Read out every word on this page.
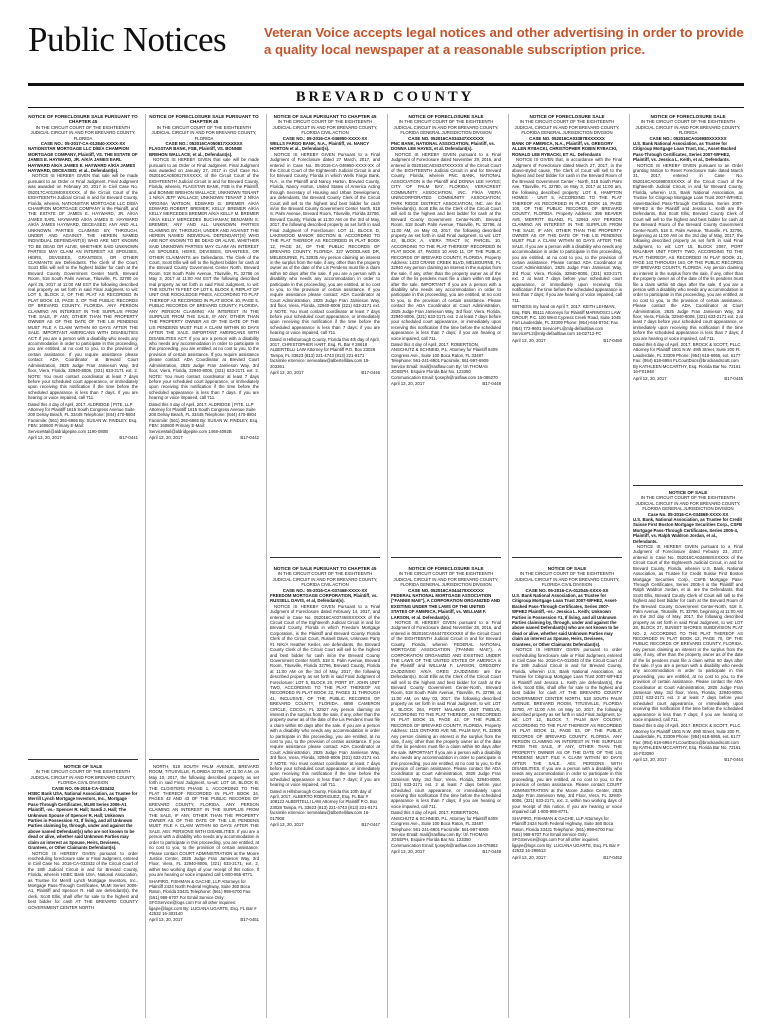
Public Notices	Veteran Voice accepts legal notices and other advertising in order to provide a quality local newspaper at a reasonable subscription price.
BREVARD COUNTY
NOTICE OF FORECLOSURE SALE PURSUANT TO CHAPTER 45
IN THE CIRCUIT COURT OF THE EIGHTEENTH JUDICIAL CIRCUIT IN AND FOR BREVARD COUNTY, FLORIDA
CASE NO.: 05-2017-CA-012840-XXXX-XX
NATIONSTAR MORTGAGE LLC D/B/A CHAMPION MORTGAGE COMPANY, Plaintiff, VS. THE ESTATE OF JAMES E. HAYWARD, JR. A/K/A JAMES EARL HAYWARD A/K/A JAMES E. HAYWARD A/K/A JAMES HAYWARD, DECEASED; et al., Defendant(s).

NOTICE IS HEREBY GIVEN that sale will be made pursuant to an Order or Final Judgment. Final Judgment was awarded on February 20, 2017 in Civil Case No. 052017CA012840XXXXXX, of the Circuit Court of the EIGHTEENTH Judicial Circuit in and for Brevard County, Florida, wherein, NATIONSTAR MORTGAGE LLC D/B/A CHAMPION MORTGAGE COMPANY is the Plaintiff, and THE ESTATE OF JAMES E. HAYWARD, JR. A/K/A JAMES EARL HAYWARD A/K/A JAMES E. HAYWARD A/K/A JAMES HAYWARD, DECEASED; ANY AND ALL UNKNOWN PARTIES CLAIMING BY, THROUGH, UNDER AND AGAINST THE HEREIN NAMED INDIVIDUAL DEFENDANT(S) WHO ARE NOT KNOWN TO BE DEAD OR ALIVE, WHETHER SAID UNKNOWN PARTIES MAY CLAIM AN INTEREST AS SPOUSES, HEIRS, DEVISEES, GRANTEES, OR OTHER CLAIMANTS are Defendants. The Clerk of the Court, Scott Ellis will sell to the highest bidder for cash at the Brevard County Government Center North, Brevard Room, 518 South Palm Avenue, Titusville, FL 32780 on April 26, 2017 at 11:00 AM EST the following described real property as set forth in said Final Judgment, to wit: LOT 5, BLOCK 2, OF THE PLAT AS RECORDED IN PLAT BOOK 10, PAGE 3, OF THE PUBLIC RECORDS OF BREVARD COUNTY, FLORIDA. ANY PERSON CLAIMING AN INTEREST IN THE SURPLUS FROM THE SALE, IF ANY, OTHER THAN THE PROPERTY OWNER AS OF THE DATE OF THE LIS PENDENS MUST FILE A CLAIM WITHIN 60 DAYS AFTER THE SALE. IMPORTANT AMERICANS WITH DISABILITIES ACT: If you are a person with a disability who needs any accommodation in order to participate in this proceeding, you are entitled, at no cost to you, to the provision of certain assistance. If you require assistance please contact: ADA Coordinator at Brevard Court Administration, 2825 Judge Fran Jamieson Way, 3rd floor, Viera, Florida, 32940-8006, (321) 633-2171 ext. 2. NOTE: You must contact coordinator at least 7 days before your scheduled court appearance, or immediately upon receiving this notification if the time before the scheduled appearance is less than 7 days. If you are hearing or voice impaired, call 711.

Dated this 4 day of April, 2017. ALDRIDGE | PITE, LLP Attorney for Plaintiff 1615 South Congress Avenue Suite 200 Delray Beach, FL 33445 Telephone: (844) 470-8804 Facsimile: (561) 392-6965 By: SUSAN W. FINDLEY, Esq. FBN: 160600 Primary E-Mail: ServiceMail@aldridgepite.com 1190-080B
April 13, 20, 2017	B17-0441
NOTICE OF SALE
IN THE CIRCUIT COURT OF THE EIGHTEENTH JUDICIAL CIRCUIT IN AND FOR BREVARD COUNTY, FLORIDA CIVIL DIVISION
CASE NO. 05-2016-CA-033432
HSBC Bank USA, National Association, as Trustee for Merrill Lynch Mortgage Investors, Inc., Mortgage Pass-Through Certificates, MLMI Series 2006-A1 Plaintiff, -vs.- Spencer R. Hall; Sandi J. Hall; The Unknown Spouse of Spencer R. Hall; Unknown Parties in Possession #1, If living, and all Unknown Parties claiming by, through, under and against the above named Defendant(s) who are not known to be dead or alive, whether said Unknown Parties may claim an interest as Spouse, Heirs, Devisees, Grantees, or Other Claimants Defendant(s).

NOTICE IS HEREBY GIVEN pursuant to order rescheduling foreclosure sale or Final Judgment, entered in Civil Case No. 2016-CA-033432 of the Circuit Court of the 18th Judicial Circuit in and for Brevard County, Florida, wherein HSBC Bank USA, National Association, as Trustee for Merrill Lynch Mortgage Investors, Inc., Mortgage Pass-Through Certificates, MLMI Series 2006-A1, Plaintiff and Spencer R. Hall are defendant(s), the clerk, Scott Ellis, shall offer for sale to the highest and best bidder for cash AT THE BREVARD COUNTY GOVERNMENT CENTER NORTH

NOTICE OF FORECLOSURE SALE PURSUANT TO CHAPTER 45
IN THE CIRCUIT COURT OF THE EIGHTEENTH JUDICIAL CIRCUIT IN AND FOR BREVARD COUNTY, FLORIDA
CASE NO.: 052016CA050817XXXXXX
FLAGSTAR BANK, FSB, Plaintiff, VS. BONNIE BREHON WALLACE; et al., Defendant(s).

NOTICE IS HEREBY GIVEN that sale will be made pursuant to an Order or Final Judgment. Final Judgment was awarded on January 27, 2017 in Civil Case No. 052016CA050817XXXXXX, of the Circuit Court of the EIGHTEENTH Judicial Circuit in and for Brevard County, Florida, wherein, FLAGSTAR BANK, FSB is the Plaintiff, and BONNIE BREHON WALLACE; UNKNOWN TENANT 1 N/K/A JEFF WALLACE; UNKNOWN TENANT 2 N/K/A VIRGINIA WATSON; EDWARD G. BREMER A/K/A EDWARD ROBERT BREMER; KELLY BREMER A/K/A KELLY MERCEDES BREMER A/K/A KELLY M. BREMER A/K/A KELLY MERCEDES BUCHANAN; BENJAMIN S. BREMER; ANY AND ALL UNKNOWN PARTIES CLAIMING BY, THROUGH, UNDER AND AGAINST THE HEREIN NAMED INDIVIDUAL DEFENDANT(S) WHO ARE NOT KNOWN TO BE DEAD OR ALIVE, WHETHER SAID UNKNOWN PARTIES MAY CLAIM AN INTEREST AS SPOUSES, HEIRS, DEVISEES, GRANTEES, OR OTHER CLAIMANTS are Defendants. The Clerk of the Court, Scott Ellis will sell to the highest bidder for cash at the Brevard County Government Center North, Brevard Room, 518 South Palm Avenue, Titusville, FL 32796 on May 3, 2017 at 11:00 AM EST the following described real property as set forth in said Final Judgment, to wit: THE SOUTH 75 FEET OF LOT 6, BLOCK 8, REPLAT OF UNIT ONE ROCKLEDGE PINES, ACCORDING TO PLAT THEREOF AS RECORDED IN PLAT BOOK 10, PAGE 5, PUBLIC RECORDS OF BREVARD COUNTY, FLORIDA. ANY PERSON CLAIMING AN INTEREST IN THE SURPLUS FROM THE SALE, IF ANY, OTHER THAN THE PROPERTY OWNER AS OF THE DATE OF THE LIS PENDENS MUST FILE A CLAIM WITHIN 60 DAYS AFTER THE SALE. IMPORTANT AMERICANS WITH DISABILITIES ACT: If you are a person with a disability who needs any accommodation in order to participate in this proceeding, you are entitled, at no cost to you, to the provision of certain assistance. If you require assistance please contact: ADA Coordinator at Brevard Court Administration, 2825 Judge Fran Jamieson Way, 3rd floor, Viera, Florida, 32940-8006, (321) 633-2171 ext. 2. NOTE: You must contact coordinator at least 7 days before your scheduled court appearance, or immediately upon receiving this notification if the time before the scheduled appearance is less than 7 days. If you are hearing or voice impaired, call 711.

Dated this 4 day of April, 2017. ALDRIDGE | PITE, LLP Attorney for Plaintiff 1615 South Congress Avenue Suite 200 Delray Beach, FL 33445 Telephone: (844) 470-8804 Facsimile: (561) 392-6965 By: SUSAN W. FINDLEY, Esq. FBN: 160600 Primary E-Mail: ServiceMail@aldridgepite.com 1468-4092B
April 13, 20, 2017	B17-0442

NORTH, 518 SOUTH PALM AVENUE, BREVARD ROOM, TITUSVILLE, FLORIDA 32780, AT 11:00 A.M. on May 10, 2017, the following described property as set forth in said Final Judgment, to-wit: LOT 18, BLOCK B, THE CLOISTERS PHASE 1, ACCORDING TO THE PLAT THEREOF RECORDED IN PLAT BOOK 34, PAGES 42 AND 43 OF THE PUBLIC RECORDS OF BREVARD COUNTY, FLORIDA. ANY PERSON CLAIMING AN INTEREST IN THE SURPLUS FROM THE SALE, IF ANY, OTHER THAN THE PROPERTY OWNER AS OF THE DATE OF THE LIS PENDENS MUST FILE A CLAIM WITHIN 60 DAYS AFTER THE SALE. Attn: PERSONS WITH DISABILITIES. If you are a person with a disability who needs any accommodation in order to participate in this proceeding, you are entitled, at no cost to you, to the provision of certain assistance. Please contact COURT ADMINISTRATION at the Moore Justice Center, 2825 Judge Fran Jamieson Way, 3rd Floor, Viera, FL 32940-8006, (321) 633-2171, ext. 2, within two working days of your receipt of this notice. If you are hearing or voice impaired call 1-800-955-8771.

SHAPIRO, FISHMAN & GACHE, LLP Attorneys for Plaintiff 2424 North Federal Highway, Suite 360 Boca Raton, Florida 33431 Telephone: (561) 998-6700 Fax: (561) 998-6707 For Email Service Only: SFGService@logs.com For all other inquiries: ligajre@logs.com By: LUCIANA UGARTE, Esq. FL Bar # 42532 16-303140
April 13, 20, 2017	B17-0451
NOTICE OF SALE PURSUANT TO CHAPTER 45
IN THE CIRCUIT COURT OF THE EIGHTEENTH JUDICIAL CIRCUIT IN AND FOR BREVARD COUNTY, FLORIDA CIVIL ACTION
CASE NO.: 05-2016-CA-046950-XXXX-XX
WELLS FARGO BANK, N.A., Plaintiff, vs. NANCY HORTON et al., Defendant(s).

NOTICE IS HEREBY GIVEN Pursuant to a Final Judgment of Foreclosure dated 27 March, 2017, and entered in Case No. 05-2016-CA-046950-XXXX-XX of the Circuit Court of the Eighteenth Judicial Circuit in and for Brevard County, Florida in which Wells Fargo Bank, N.A., is the Plaintiff and Nancy Horton, Brevard County, Florida, Nancy Horton, United States of America Acting through Secretary of Housing and Urban Development, are defendants, the Brevard County Clerk of the Circuit Court will sell to the highest and best bidder for cash in/on the Brevard County Government Center North, 518 S. Palm Avenue, Brevard Room, Titusville, Florida 32796, Brevard County, Florida at 11:00 AM on the 3rd of May, 2017, the following described property as set forth in said Final Judgment of Foreclosure: LOT 11, BLOCK D, LAKEWOOD MANOR SECTION B, ACCORDING TO THE PLAT THEREOF AS RECORDED IN PLAT BOOK 12, PAGE 34, OF THE PUBLIC RECORDS OF BREVARD COUNTY, FLORIDA. 327 WOODLAKE DR, MELBOURNE, FL 32935 Any person claiming an interest in the surplus from the sale, if any, other than the property owner as of the date of the Lis Pendens must file a claim within 60 days after the sale. If you are a person with a disability who needs any accommodation in order to participate in this proceeding, you are entitled, at no cost to you, to the provision of certain assistance. If you require assistance please contact: ADA Coordinator at Court Administration, 2825 Judge Fran Jamieson Way, 3rd floor, Viera, Florida, 32940-8006 (321) 633-2171 ext. 2 NOTE: You must contact coordinator at least 7 days before your scheduled court appearance, or immediately upon receiving this notification if the time before the scheduled appearance is less than 7 days; if you are hearing or voice impaired, call 711.

Dated in Hillsborough County, Florida this 4th day of April, 2017. CHRISTOPHER HART, Esq. FL Bar # 28618 ALBERTELLI LAW Attorney for Plaintiff P.O. Box 23028 Tampa, FL 33623 (813) 221-4743 (813) 221-9171 facsimile eService: servealaw@albertellilaw.com 15-203361
April 13, 20, 2017	B17-0446
NOTICE OF SALE PURSUANT TO CHAPTER 45
IN THE CIRCUIT COURT OF THE EIGHTEENTH JUDICIAL CIRCUIT IN AND FOR BREVARD COUNTY, FLORIDA CIVIL ACTION
CASE NO.: 05-2016-CA-037468-XXXX-XX
FREEDOM MORTGAGE CORPORATION, Plaintiff, vs. RUSSELL DAVIS, et al, Defendant(s).

NOTICE IS HEREBY GIVEN Pursuant to a Final Judgment of Foreclosure dated February 14, 2017, and entered in Case No. 052016CA037468XXXXXX of the Circuit Court of the Eighteenth Judicial Circuit in and for Brevard County, Florida in which Freedom Mortgage Corporation, is the Plaintiff and Brevard County Florida Clerk of the Circuit Court, Russell Davis, Unknown Party #1 N/K/A Heather Kesler, are defendants, the Brevard County Clerk of the Circuit Court will sell to the highest and best bidder for cash in/on the Brevard County Government Center North, 518 S. Palm Avenue, Brevard Room, Titusville, Florida 32796, Brevard County, Florida at 11:00 AM on the 3rd of May, 2017, the following described property as set forth in said Final Judgment of Foreclosure: LOT 5, BLOCK 20, PORT ST. JOHN UNIT TWO, ACCORDING TO THE PLAT THEREOF AS RECORDED IN PLAT BOOK 22, PAGES 31 THROUGH 41, INCLUSIVE, OF THE PUBLIC RECORDS OF BREVARD COUNTY, FLORIDA. 6890 CAMERON CIRCLE, COCOA, FL 32927 Any person claiming an interest in the surplus from the sale, if any, other than the property owner as of the date of the Lis Pendens must file a claim within 60 days after the sale. If you are a person with a disability who needs any accommodation in order to participate in this proceeding, you are entitled, at no cost to you, to the provision of certain assistance. If you require assistance please contact: ADA Coordinator at Court Administration, 2825 Judge Fran Jamieson Way, 3rd floor, Viera, Florida, 32940-8006 (321) 633-2171 ext. 2 NOTE: You must contact coordinator at least 7 days before your scheduled court appearance, or immediately upon receiving this notification if the time before the scheduled appearance is less than 7 days; if you are hearing or voice impaired, call 711.

Dated in Hillsborough County, Florida this 10th day of April, 2017. ALBERTO RODRIGUEZ, Esq. FL Bar # 108122 ALBERTELLI LAW Attorney for Plaintiff P.O. Box 23028 Tampa, FL 33623 (813) 221-4743 (813) 221-9171 facsimile eService: servealaw@albertellilaw.com 16-017908
April 13, 20, 2017	B17-0447
NOTICE OF FORECLOSURE SALE
IN THE CIRCUIT COURT OF THE EIGHTEENTH JUDICIAL CIRCUIT IN AND FOR BREVARD COUNTY, FLORIDA GENERAL JURISDICTION DIVISION
CASE NO. 052016CA034347XXXXXX
PNC BANK, NATIONAL ASSOCIATION, Plaintiff, vs. DONNA LEE HAYES, et al. Defendant(s).

NOTICE IS HEREBY GIVEN pursuant to a Final Judgment of Foreclosure dated November 29, 2016, and entered in 052016CA034347XXXXXX of the Circuit Court of the EIGHTEENTH Judicial Circuit in and for Brevard County, Florida, wherein PNC BANK, NATIONAL ASSOCIATION is the Plaintiff and DONNA LEE HAYES; CITY OF PALM BAY, FLORIDA; VERACREST COMMUNITY ASSOCIATION, INC. F/K/A VIERA UNINCORPORATED COMMUNITY ASSOCIATION; PARK RIDGE DISTRICT ASSOCIATION, INC. are the Defendant(s). Scott Ellis as the Clerk of the Circuit Court will sell to the highest and best bidder for cash at the Brevard County Government Center-North, Brevard Room, 518 South Palm Avenue, Titusville, FL 32796, at 11:00 AM, on May 03, 2017, the following described property as set forth in said Final Judgment, to wit: LOT 42, BLOCK A, VIERA TRACT IV, PARCEL 10, ACCORDING TO THE PLAT THEREOF RECORDED IN PLAT BOOK 47, PAGES 10 AND 11, OF THE PUBLIC RECORDS OF BREVARD COUNTY, FLORIDA. Property Address: 1433 CRANE CREEK BLVD, MELBOURNE, FL 32940 Any person claiming an interest in the surplus from the sale, if any, other than the property owner as of the date of the lis pendens must file a claim within 60 days after the sale. IMPORTANT If you are a person with a disability who needs any accommodation in order to participate in this proceeding, you are entitled, at no cost to you, to the provision of certain assistance. Please contact the ADA Coordinator at Court Administration, 2825 Judge Fran Jamieson Way, 3rd floor, Viera, Florida, 32940-8006, (321) 633-2171 ext. 2 at least 7 days before your scheduled court appearance, or immediately upon receiving this notification if the time before the scheduled appearance is less than 7 days; if you are hearing or voice impaired, call 711.

Dated this 4 day of April, 2017. ROBERTSON, ANSCHUTZ & SCHNEID, P.L. Attorney for Plaintiff 6409 Congress Ave., Suite 100 Boca Raton, FL 33487 Telephone: 561-241-6901 Facsimile: 561-997-6909 Service Email: mail@rasflaw.com By: \S\ THOMAS JOSEPH, Esquire Florida Bar No. 123350 Communication Email: tjoseph@rasflaw.com 16-085270
April 13, 20, 2017	B17-0448
NOTICE OF FORECLOSURE SALE
IN THE CIRCUIT COURT OF THE EIGHTEENTH JUDICIAL CIRCUIT IN AND FOR BREVARD COUNTY, FLORIDA GENERAL JURISDICTION DIVISION
CASE NO. 052016CA044470XXXXXX
FEDERAL NATIONAL MORTGAGE ASSOCIATION ("FANNIE MAE"), A CORPORATION ORGANIZED AND EXISTING UNDER THE LAWS OF THE UNITED STATES OF AMERICA, Plaintiff, vs. WILLIAM F. LARSON, et al. Defendant(s).

NOTICE IS HEREBY GIVEN pursuant to a Final Judgment of Foreclosure dated November 28, 2016, and entered in 052016CA044470XXXXXX of the Circuit Court of the EIGHTEENTH Judicial Circuit in and for Brevard County, Florida, wherein FEDERAL NATIONAL MORTGAGE ASSOCIATION ("FANNIE MAE"), A CORPORATION ORGANIZED AND EXISTING UNDER THE LAWS OF THE UNITED STATES OF AMERICA is the Plaintiff and WILLIAM F. LARSON; GREGORY ZAJDZINSKI A/K/A GREG ZAJDZINSKI are the Defendant(s). Scott Ellis as the Clerk of the Circuit Court will sell to the highest and best bidder for cash at the Brevard County Government Center-North, Brevard Room, 518 South Palm Avenue, Titusville, FL 32796, at 11:00 AM, on May 03, 2017, the following described property as set forth in said Final Judgment, to wit: LOT 8, BLOCK 264, PORT MALABAR UNIT TWELVE, ACCORDING TO THE PLAT THEREOF, AS RECORDED IN PLAT BOOK 15, PAGE 42, OF THE PUBLIC RECORDS OF BREVARD COUNTY, FLORIDA. Property Address: 1115 ONTARIO AVE NE, PALM BAY, FL 32905 Any person claiming an interest in the surplus from the sale, if any, other than the property owner as of the date of the lis pendens must file a claim within 60 days after the sale. IMPORTANT If you are a person with a disability who needs any accommodation in order to participate in this proceeding, you are entitled, at no cost to you, to the provision of certain assistance. Please contact the ADA Coordinator at Court Administration, 2825 Judge Fran Jamieson Way, 3rd floor, Viera, Florida, 32940-8006, (321) 633-2171 ext. 2 at least 7 days before your scheduled court appearance, or immediately upon receiving this notification if the time before the scheduled appearance is less than 7 days; if you are hearing or voice impaired, call 711.

Dated this 4 day of April, 2017. ROBERTSON, ANSCHUTZ & SCHNEID, P.L. Attorney for Plaintiff 6409 Congress Ave., Suite 100 Boca Raton, FL 33487 Telephone: 561-241-6901 Facsimile: 561-997-6909 Service Email: mail@rasflaw.com By: \S\ THOMAS JOSEPH, Esquire Florida Bar No. 123350 Communication Email: tjoseph@rasflaw.com 16-076962
April 13, 20, 2017	B17-0449
NOTICE OF FORECLOSURE SALE
IN THE CIRCUIT COURT OF THE EIGHTEENTH JUDICIAL CIRCUIT IN AND FOR BREVARD COUNTY, FLORIDA GENERAL JURISDICTION DIVISION
CASE NO. 052016CA033878XXXXXX
BANK OF AMERICA, N.A., Plaintiff, vs. GREGORY ALLEN RYBACKI, CHRISTOPHER ROBIN RYBACKI, RONALD LEE RYBACKI, ET AL. Defendants

NOTICE IS GIVEN that, in accordance with the Final Judgment of Foreclosure dated March 27, 2017, in the above-styled cause, The Clerk of Court will sell to the highest and best bidder for cash in the Brevard Room of the Brevard Government Center - North, 518 South Palm Ave, Titusville, FL 32780, on May 3, 2017 at 11:00 am, the following described property: LOT 6, HAMPTON HOMES - UNIT 5, ACCORDING TO THE PLAT THEREOF AS RECORDED IN PLAT BOOK 16, PAGE 100, OF THE PUBLIC RECORDS OF BREVARD COUNTY, FLORIDA. Property Address: 395 BEAVER AVE, MERRITT ISLAND, FL 32953 ANY PERSON CLAIMING AN INTEREST IN THE SURPLUS FROM THE SALE, IF ANY, OTHER THAN THE PROPERTY OWNER AS OF THE DATE OF THE LIS PENDENS MUST FILE A CLAIM WITHIN 60 DAYS AFTER THE SALE. If you are a person with a disability who needs any accommodation in order to participate in this proceeding, you are entitled, at no cost to you, to the provision of certain assistance. Please contact ADA Coordinator at Court Administration, 2825 Judge Fran Jamieson Way, 3rd Floor, Viera, Florida, 32940-8006, (321) 633-2171 ext. 2 at least 7 days before your scheduled court appearance, or immediately upon receiving this notification if the time before the scheduled appearance is less than 7 days; if you are hearing or voice impaired, call 711.

WITNESS my hand on April 7, 2017. KEITH LEHMAN, Esq. FBN. 85111 Attorneys for Plaintiff MARINOSCI LAW GROUP, P.C. 100 West Cypress Creek Road, Suite 1045 Fort Lauderdale, FL 33309 Phone: (954)-644-8704; Fax (954) 772-9601 ServiceFL@mlg-defaultlaw.com ServiceFL2@mlg-defaultlaw.com 16-02712-FC
April 13, 20, 2017	B17-0450
NOTICE OF SALE
IN THE CIRCUIT COURT OF THE EIGHTEENTH JUDICIAL CIRCUIT IN AND FOR BREVARD COUNTY, FLORIDA CIVIL DIVISION
CASE NO. 05-2016-CA-012045-XXXX-XX
U.S. Bank National Association, as Trustee for Citigroup Mortgage Loan Trust 2007-WFHE2, Asset-Backed Pass-Through Certificates, Series 2007-WFHE2 Plaintiff, -vs.- Jessica L. Keith; Unknown Parties in Possession #1, If living, and all Unknown Parties claiming by, through, under and against the above named Defendant(s) who are not known to be dead or alive, whether said Unknown Parties may claim an interest as Spouse, Heirs, Devisees, Grantees, or Other Claimants Defendant(s).

NOTICE IS HEREBY GIVEN pursuant to order rescheduling foreclosure sale or Final Judgment, entered in Civil Case No. 2016-CA-012045 of the Circuit Court of the 18th Judicial Circuit in and for Brevard County, Florida, wherein U.S. Bank National Association, as Trustee for Citigroup Mortgage Loan Trust 2007-WFHE2 is Plaintiff and Jessica L. Keith are defendant(s), the clerk, Scott Ellis, shall offer for sale to the highest and best bidder for cash AT THE BREVARD COUNTY GOVERNMENT CENTER NORTH, 518 SOUTH PALM AVENUE, BREVARD ROOM, TITUSVILLE, FLORIDA 32780, AT 11:00 A.M. on May 10, 2017, the following described property as set forth in said Final Judgment, to-wit: LOT 12, BLOCK 7, PALM BAY COLONY, ACCORDING TO THE PLAT THEREOF AS RECORDED IN PLAT BOOK 11, PAGE 53, OF THE PUBLIC RECORDS OF BREVARD COUNTY, FLORIDA. ANY PERSON CLAIMING AN INTEREST IN THE SURPLUS FROM THE SALE, IF ANY, OTHER THAN THE PROPERTY OWNER AS OF THE DATE OF THE LIS PENDENS MUST FILE A CLAIM WITHIN 60 DAYS AFTER THE SALE. Attn: PERSONS WITH DISABILITIES. If you are a person with a disability who needs any accommodation in order to participate in this proceeding, you are entitled, at no cost to you, to the provision of certain assistance. Please contact COURT ADMINISTRATION at the Moore Justice Center, 2825 Judge Fran Jamieson Way, 3rd Floor, Viera, FL 32940-8006, (321) 633-2171, ext. 2, within two working days of your receipt of this notice. If you are hearing or voice impaired call 1-800-955-8771.

SHAPIRO, FISHMAN & GACHE, LLP Attorneys for Plaintiff 2424 North Federal Highway, Suite 360 Boca Raton, Florida 33431 Telephone: (561) 998-6700 Fax: (561) 998-6707 For Email Service Only: SFGService@logs.com For all other inquiries: ligajre@logs.com By: LUCIANA UGARTE, Esq. FL Bar # 42532 16-298613
April 13, 20, 2017	B17-0452
NOTICE OF FORECLOSURE SALE
IN THE CIRCUIT COURT OF THE EIGHTEENTH JUDICIAL CIRCUIT IN AND FOR BREVARD COUNTY, FLORIDA
CASE NO.: 052016CA016980XXXXXX
U.S. Bank National Association, as Trustee for Citigroup Mortgage Loan Trust, Inc., Asset-Backed Pass-Through Certificates, Series 2007-WFHE2, Plaintiff, vs. Jessica L. Keith, et al., Defendants.

NOTICE IS HEREBY GIVEN pursuant to an Order granting Motion to Reset Foreclosure Sale dated March 31, 2017, entered in Case No. 052016CA016980XXXXXX of the Circuit Court of the Eighteenth Judicial Circuit, in and for Brevard County, Florida, wherein U.S. Bank National Association, as Trustee for Citigroup Mortgage Loan Trust 2007-WFHE2, Asset-Backed Pass-Through Certificates, Series 2007-WFHE2 is the Plaintiff and Jessica L. Keith are the Defendants, that Scott Ellis, Brevard County Clerk of Court will sell to the highest and best bidder for cash at the Brevard Room of the Brevard County Government Center-North, 518 S. Palm Avenue, Titusville, FL 32796, beginning at 11:00 AM on the 3rd day of May, 2017, the following described property as set forth in said Final Judgment, to wit: LOT 15, BLOCK 2067, PORT MALABAR UNIT FORTY TWO, ACCORDING TO THE PLAT THEREOF, AS RECORDED IN PLAT BOOK 21, PAGE 143 THROUGH 163, OF THE PUBLIC RECORDS OF BREVARD COUNTY, FLORIDA. Any person claiming an interest in the surplus from the sale, if any, other than the property owner as of the date of the lis pendens must file a claim within 60 days after the sale. If you are a person with a disability who needs any accommodation in order to participate in this proceeding, you are entitled, at no cost to you, to the provision of certain assistance. Please contact the ADA Coordinator at Court Administration, 2825 Judge Fran Jamieson Way, 3rd floor, Viera, Florida, 32940-8006, (321) 633-2171 ext. 2 at least 7 days before your scheduled court appearance, or immediately upon receiving this notification if the time before the scheduled appearance is less than 7 days; if you are hearing or voice impaired, call 711.

Dated this 6 day of April, 2017. BROCK & SCOTT, PLLC Attorney for Plaintiff 1501 N.W. 49th Street, Suite 200 Ft. Lauderdale, FL 33309 Phone: (954) 618-6955, ext. 6177 Fax: (954) 618-6954 FLCourtDocs@brockandscott.com By KATHLEEN MCCARTHY, Esq. Florida Bar No. 72161 16-F01948
April 13, 20, 2017	B17-0445
NOTICE OF SALE
IN THE CIRCUIT COURT OF THE EIGHTEENTH JUDICIAL CIRCUIT IN AND FOR BREVARD COUNTY, FLORIDA GENERAL JURISDICTION DIVISION
Case No. 05-2016-CA-034868-XXXX-XX
U.S. Bank, National Association, as Trustee for Credit Suisse First Boston Mortgage Securities Corp., CSFB Mortgage Pass-Through Certificates, Series 2005-4, Plaintiff, vs. Ralph Waldron Jordan, et al., Defendants.

NOTICE IS HEREBY GIVEN pursuant to a Final Judgment of Foreclosure dated Febuary 23, 2017, entered in Case No. 052016CA034868XXXXXX of the Circuit Court of the Eighteenth Judicial Circuit, in and for Brevard County, Florida, wherein U.S. Bank, National Association, as Trustee for Credit Suisse First Boston Mortgage Securities Corp., CSFB Mortgage Pass-Through Certificates, Series 2005-4 is the Plaintiff and Ralph Waldron Jordan, et al. are the Defendants, that Scott Ellis, Brevard County Clerk of Court will sell to the highest and best bidder for cash at the Brevard Room of the Brevard County Government Center-North, 518 S. Palm Avenue, Titusville, FL 32796, beginning at 11:00 AM on the 3rd day of May, 2017, the following described property as set forth in said Final Judgment, to wit: LOT 28, BLOCK 27, SUNSET SHORES SUBDIVISION PLAT NO. 2, ACCORDING TO THE PLAT THEREOF AS RECORDED IN PLAT BOOK 12, PAGE 70, OF THE PUBLIC RECORDS OF BREVARD COUNTY, FLORIDA. Any person claiming an interest in the surplus from the sale, if any, other than the property owner as of the date of the lis pendens must file a claim within 60 days after the sale. If you are a person with a disability who needs any accommodation in order to participate in this proceeding, you are entitled, at no cost to you, to the provision of certain assistance. Please contact the ADA Coordinator at Court Administration, 2825 Judge Fran Jamieson Way, 3rd floor, Viera, Florida, 32940-8006, (321) 633-2171 ext. 2 at least 7 days before your scheduled court appearance, or immediately upon receiving this notification if the time before the scheduled appearance is less than 7 days; if you are hearing or voice impaired, call 711.

Dated this 6 day of April, 2017. BROCK & SCOTT, PLLC Attorney for Plaintiff 1501 N.W. 49th Street, Suite 200 Ft. Lauderdale, FL 33309 Phone: (954) 618-6955, ext. 6177 Fax: (954) 618-6954 FLCourtDocs@brockandscott.com By KATHLEEN MCCARTHY, Esq. Florida Bar No. 72161 16-F03090
April 13, 20, 2017	B17-0444
